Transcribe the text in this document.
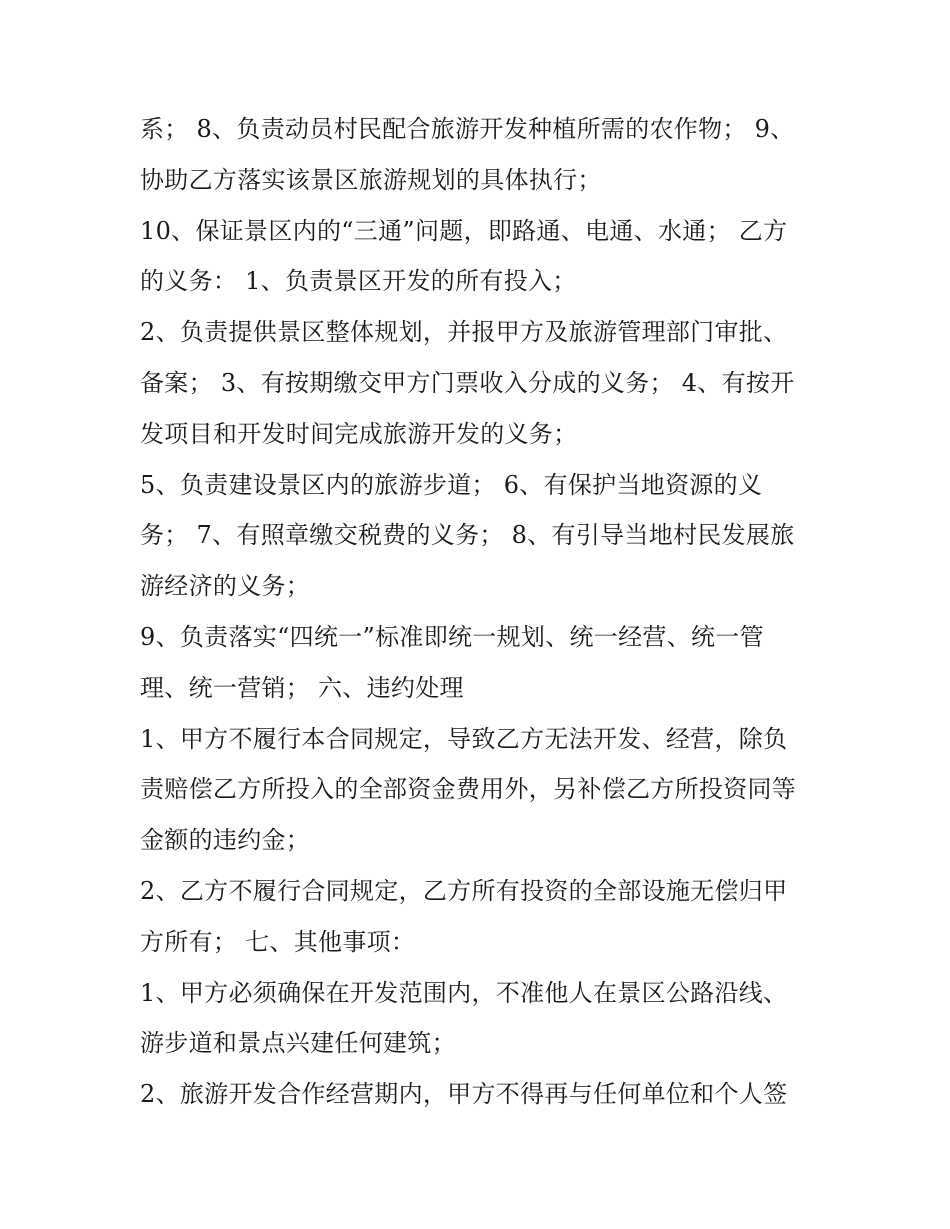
系； 8、负责动员村民配合旅游开发种植所需的农作物； 9、
协助乙方落实该景区旅游规划的具体执行；
10、保证景区内的“三通”问题，即路通、电通、水通； 乙方
的义务： 1、负责景区开发的所有投入；
2、负责提供景区整体规划，并报甲方及旅游管理部门审批、
备案； 3、有按期缴交甲方门票收入分成的义务； 4、有按开
发项目和开发时间完成旅游开发的义务；
5、负责建设景区内的旅游步道； 6、有保护当地资源的义
务； 7、有照章缴交税费的义务； 8、有引导当地村民发展旅
游经济的义务；
9、负责落实“四统一”标准即统一规划、统一经营、统一管
理、统一营销； 六、违约处理
1、甲方不履行本合同规定，导致乙方无法开发、经营，除负
责赔偿乙方所投入的全部资金费用外，另补偿乙方所投资同等
金额的违约金；
2、乙方不履行合同规定，乙方所有投资的全部设施无偿归甲
方所有； 七、其他事项：
1、甲方必须确保在开发范围内，不准他人在景区公路沿线、
游步道和景点兴建任何建筑；
2、旅游开发合作经营期内，甲方不得再与任何单位和个人签
